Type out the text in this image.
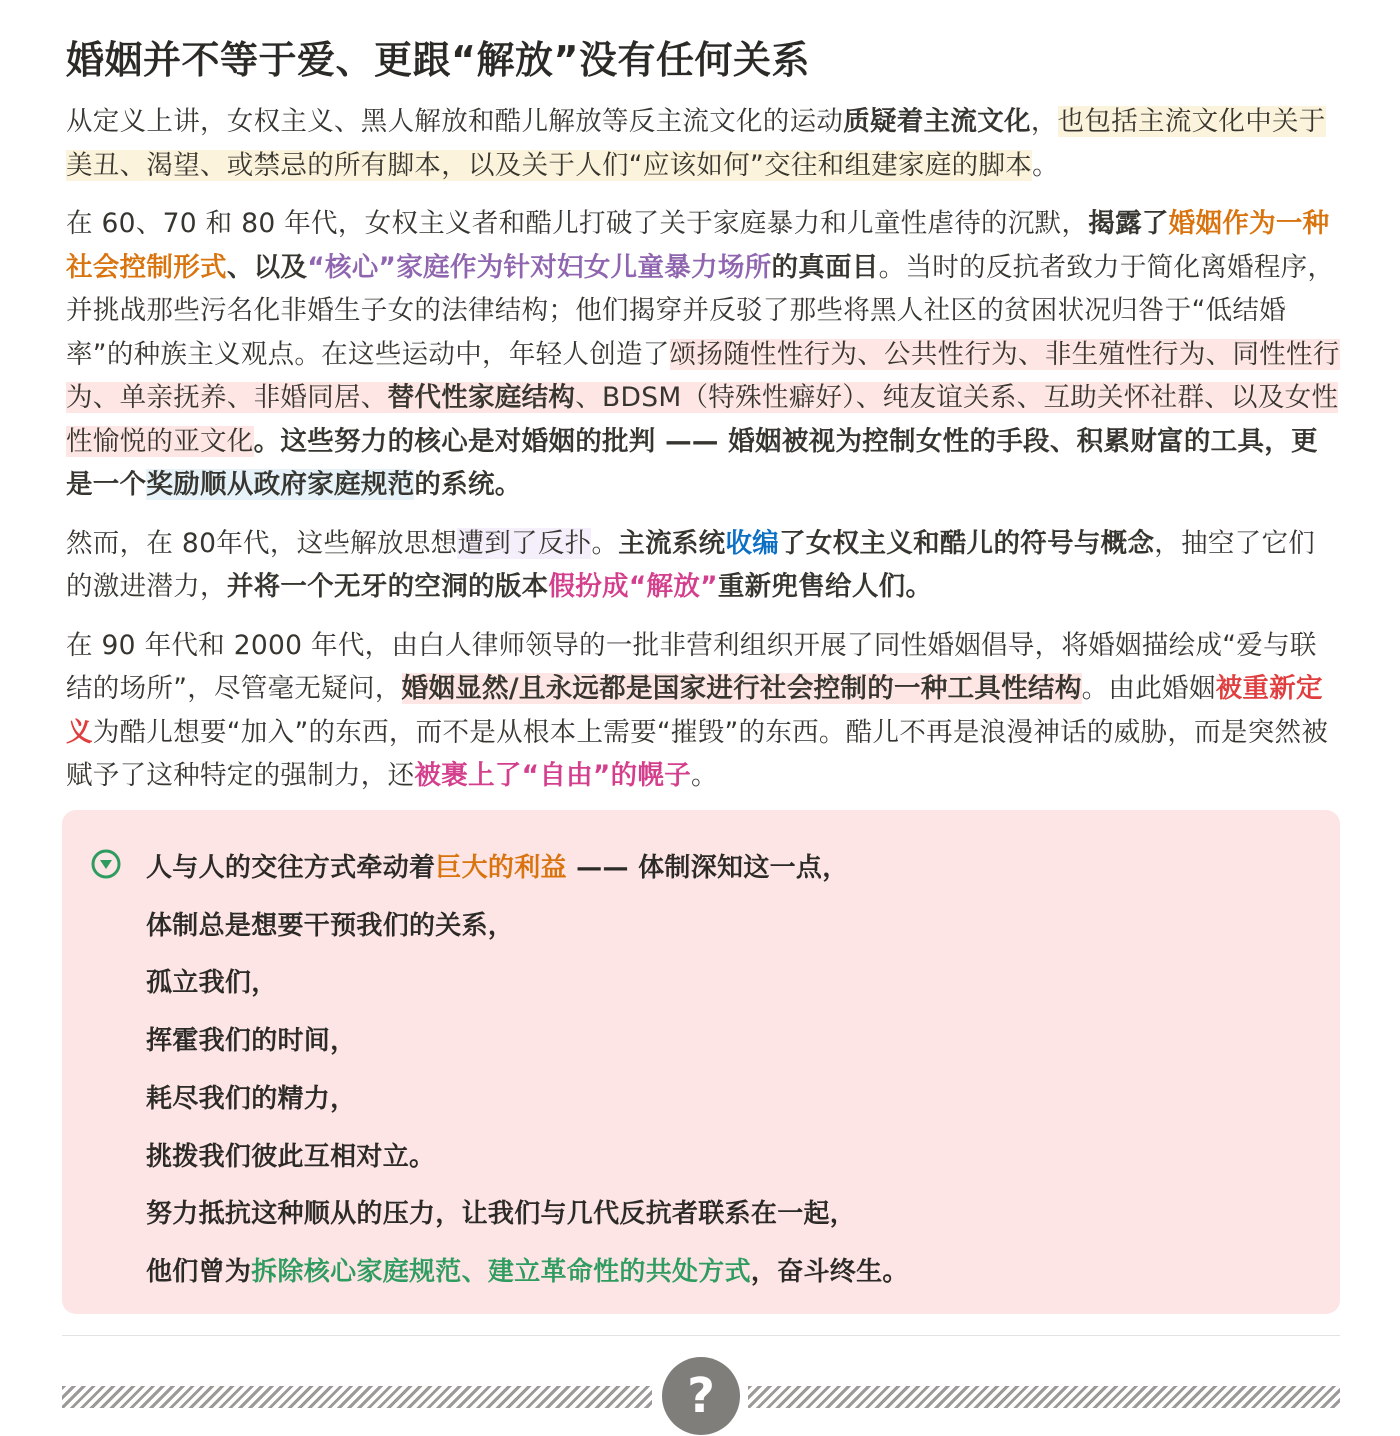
婚姻并不等于爱、更跟“解放”没有任何关系

从定义上讲，女权主义、黑人解放和酷儿解放等反主流文化的运动质疑着主流文化，也包括主流文化中关于美丑、渴望、或禁忌的所有脚本，以及关于人们“应该如何”交往和组建家庭的脚本。

在 60、70 和 80 年代，女权主义者和酷儿打破了关于家庭暴力和儿童性虐待的沉默，揭露了婚姻作为一种社会控制形式、以及“核心”家庭作为针对妇女儿童暴力场所的真面目。当时的反抗者致力于简化离婚程序，并挑战那些污名化非婚生子女的法律结构；他们揭穿并反驳了那些将黑人社区的贫困状况归咎于“低结婚率”的种族主义观点。在这些运动中，年轻人创造了颂扬随性性行为、公共性行为、非生殖性行为、同性性行为、单亲抚养、非婚同居、替代性家庭结构、BDSM（特殊性癖好）、纯友谊关系、互助关怀社群、以及女性性愉悦的亚文化。这些努力的核心是对婚姻的批判 —— 婚姻被视为控制女性的手段、积累财富的工具，更是一个奖励顺从政府家庭规范的系统。

然而，在 80年代，这些解放思想遭到了反扑。主流系统收编了女权主义和酷儿的符号与概念，抽空了它们的激进潜力，并将一个无牙的空洞的版本假扮成“解放”重新兜售给人们。

在 90 年代和 2000 年代，由白人律师领导的一批非营利组织开展了同性婚姻倡导，将婚姻描绘成“爱与联结的场所”，尽管毫无疑问，婚姻显然/且永远都是国家进行社会控制的一种工具性结构。由此婚姻被重新定义为酷儿想要“加入”的东西，而不是从根本上需要“摧毁”的东西。酷儿不再是浪漫神话的威胁，而是突然被赋予了这种特定的强制力，还被裹上了“自由”的幌子。

人与人的交往方式牵动着巨大的利益 —— 体制深知这一点，
体制总是想要干预我们的关系，
孤立我们，
挥霍我们的时间，
耗尽我们的精力，
挑拨我们彼此互相对立。
努力抵抗这种顺从的压力，让我们与几代反抗者联系在一起，
他们曾为拆除核心家庭规范、建立革命性的共处方式，奋斗终生。
?
